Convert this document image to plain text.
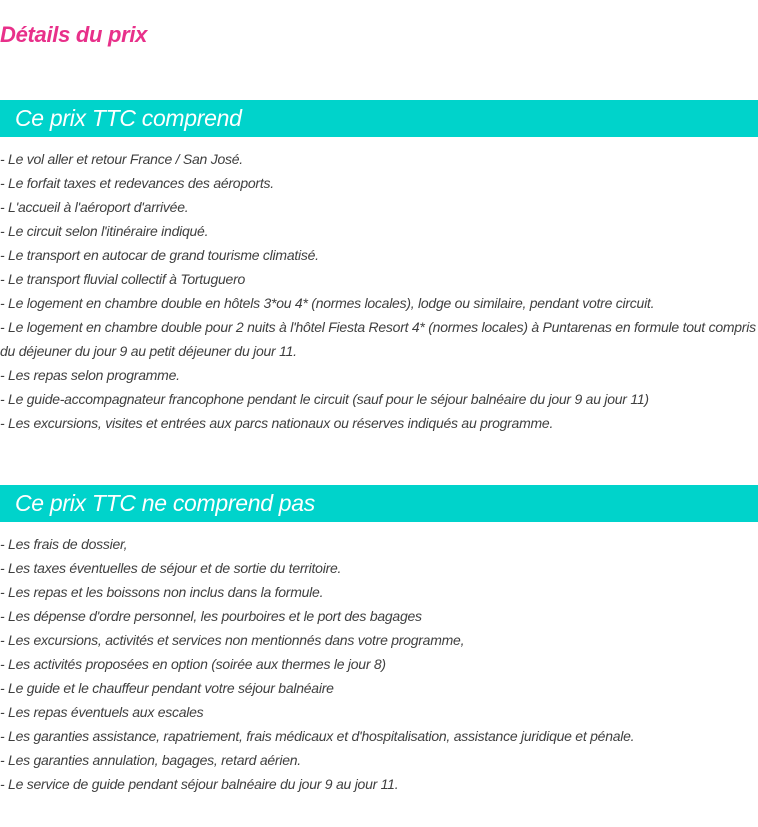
Détails du prix
Ce prix TTC comprend
- Le vol aller et retour France / San José.
- Le forfait taxes et redevances des aéroports.
- L'accueil à l'aéroport d'arrivée.
- Le circuit selon l'itinéraire indiqué.
- Le transport en autocar de grand tourisme climatisé.
- Le transport fluvial collectif à Tortuguero
- Le logement en chambre double en hôtels 3*ou 4* (normes locales), lodge ou similaire, pendant votre circuit.
- Le logement en chambre double pour 2 nuits à l'hôtel Fiesta Resort 4* (normes locales) à Puntarenas en formule tout compris du déjeuner du jour 9 au petit déjeuner du jour 11.
- Les repas selon programme.
- Le guide-accompagnateur francophone pendant le circuit (sauf pour le séjour balnéaire du jour 9 au jour 11)
- Les excursions, visites et entrées aux parcs nationaux ou réserves indiqués au programme.
Ce prix TTC ne comprend pas
- Les frais de dossier,
- Les taxes éventuelles de séjour et de sortie du territoire.
- Les repas et les boissons non inclus dans la formule.
- Les dépense d'ordre personnel, les pourboires et le port des bagages
- Les excursions, activités et services non mentionnés dans votre programme,
- Les activités proposées en option (soirée aux thermes le jour 8)
- Le guide et le chauffeur pendant votre séjour balnéaire
- Les repas éventuels aux escales
- Les garanties assistance, rapatriement, frais médicaux et d'hospitalisation, assistance juridique et pénale.
- Les garanties annulation, bagages, retard aérien.
- Le service de guide pendant séjour balnéaire du jour 9 au jour 11.
